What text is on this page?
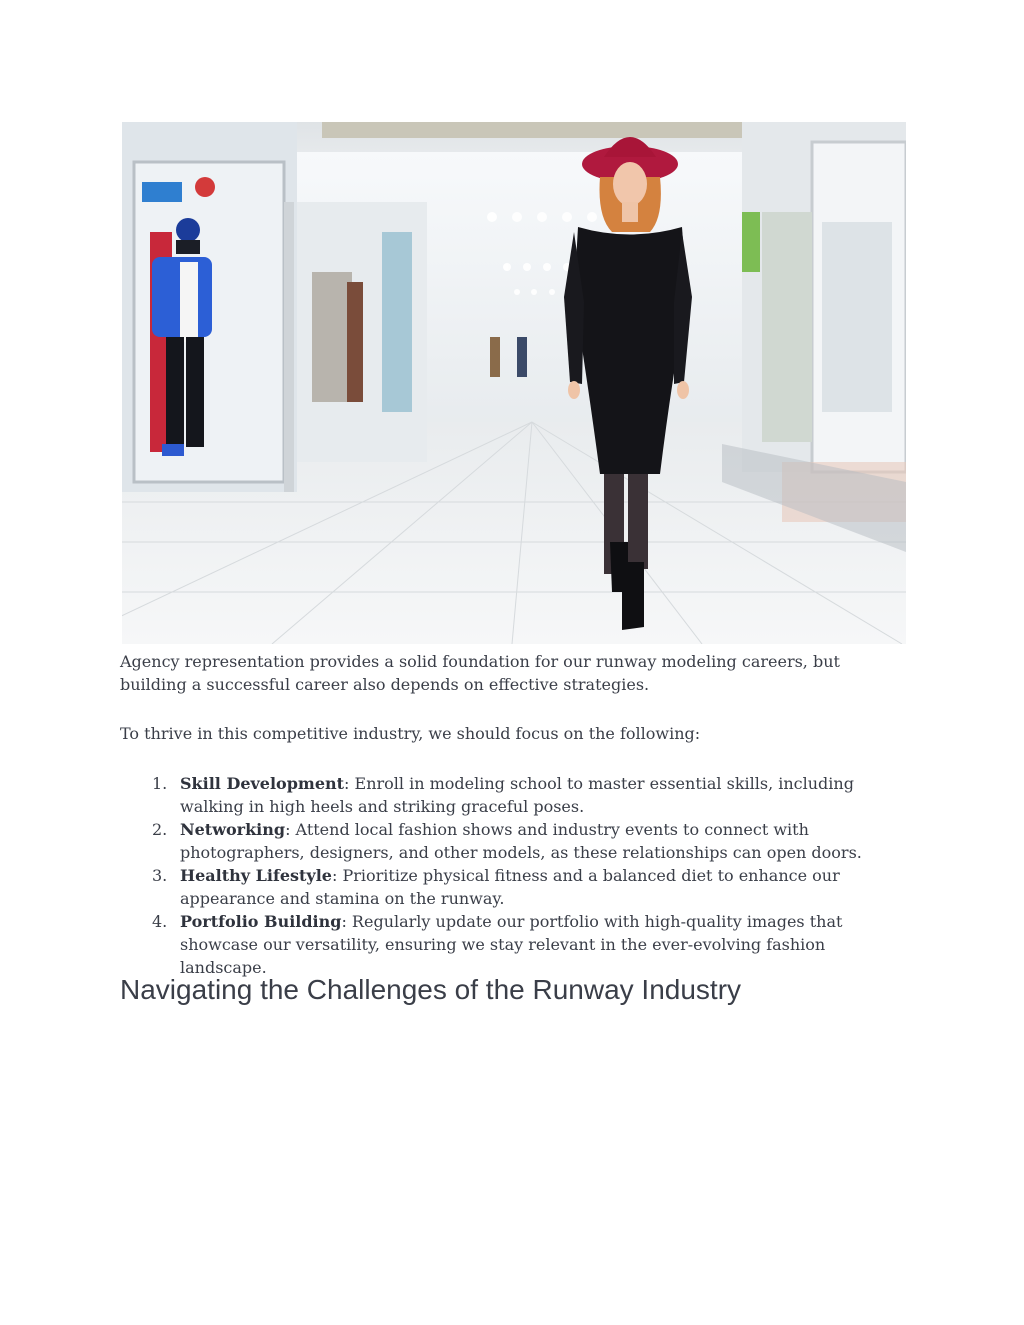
Agency representation provides a solid foundation for our runway modeling careers, but building a successful career also depends on effective strategies.

To thrive in this competitive industry, we should focus on the following:

1. Skill Development: Enroll in modeling school to master essential skills, including walking in high heels and striking graceful poses.
2. Networking: Attend local fashion shows and industry events to connect with photographers, designers, and other models, as these relationships can open doors.
3. Healthy Lifestyle: Prioritize physical fitness and a balanced diet to enhance our appearance and stamina on the runway.
4. Portfolio Building: Regularly update our portfolio with high-quality images that showcase our versatility, ensuring we stay relevant in the ever-evolving fashion landscape.
Navigating the Challenges of the Runway Industry
